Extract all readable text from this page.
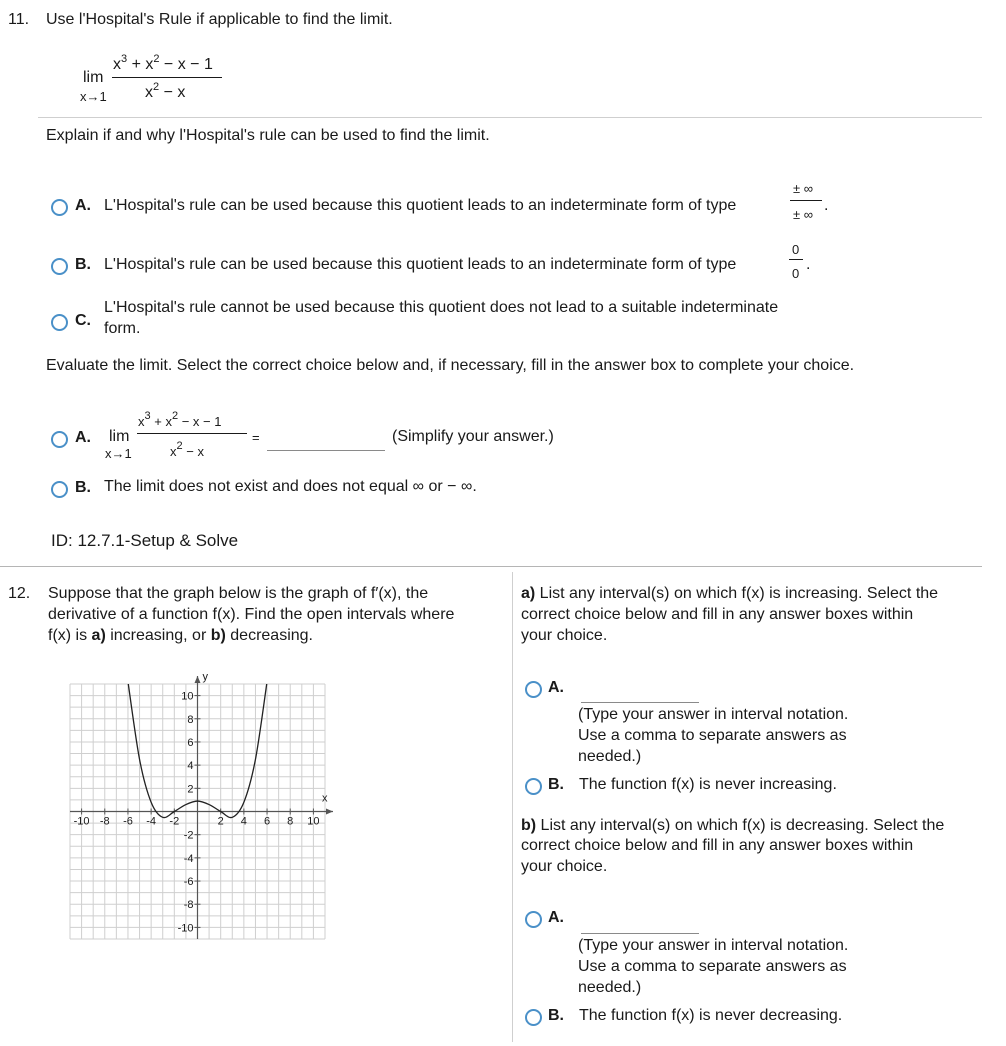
11. Use l'Hospital's Rule if applicable to find the limit.
lim
x→1
$x^3 + x^2 - x - 1$
$x^2 - x$
Explain if and why l'Hospital's rule can be used to find the limit.
A. L'Hospital's rule can be used because this quotient leads to an indeterminate form of type
± ∞
± ∞
.
B. L'Hospital's rule can be used because this quotient leads to an indeterminate form of type
0
0
.
C.
L'Hospital's rule cannot be used because this quotient does not lead to a suitable indeterminate
form.
Evaluate the limit. Select the correct choice below and, if necessary, fill in the answer box to complete your choice.
A. lim
x→1
$x^3 + x^2 - x - 1$
$x^2 - x$
=	(Simplify your answer.)
B. The limit does not exist and does not equal ∞ or − ∞.
ID: 12.7.1-Setup & Solve
12. Suppose that the graph below is the graph of f′(x), the
derivative of a function f(x). Find the open intervals where
f(x) is a) increasing, or b) decreasing.
x
y
-10 -8 -6 -4 -2	2 4 6 8 10
10
8
6
4
2
-2
-4
-6
-8
-10
a) List any interval(s) on which f(x) is increasing. Select the
correct choice below and fill in any answer boxes within
your choice.
A.
(Type your answer in interval notation.
Use a comma to separate answers as
needed.)
B. The function f(x) is never increasing.
b) List any interval(s) on which f(x) is decreasing. Select the
correct choice below and fill in any answer boxes within
your choice.
A.
(Type your answer in interval notation.
Use a comma to separate answers as
needed.)
B. The function f(x) is never decreasing.
